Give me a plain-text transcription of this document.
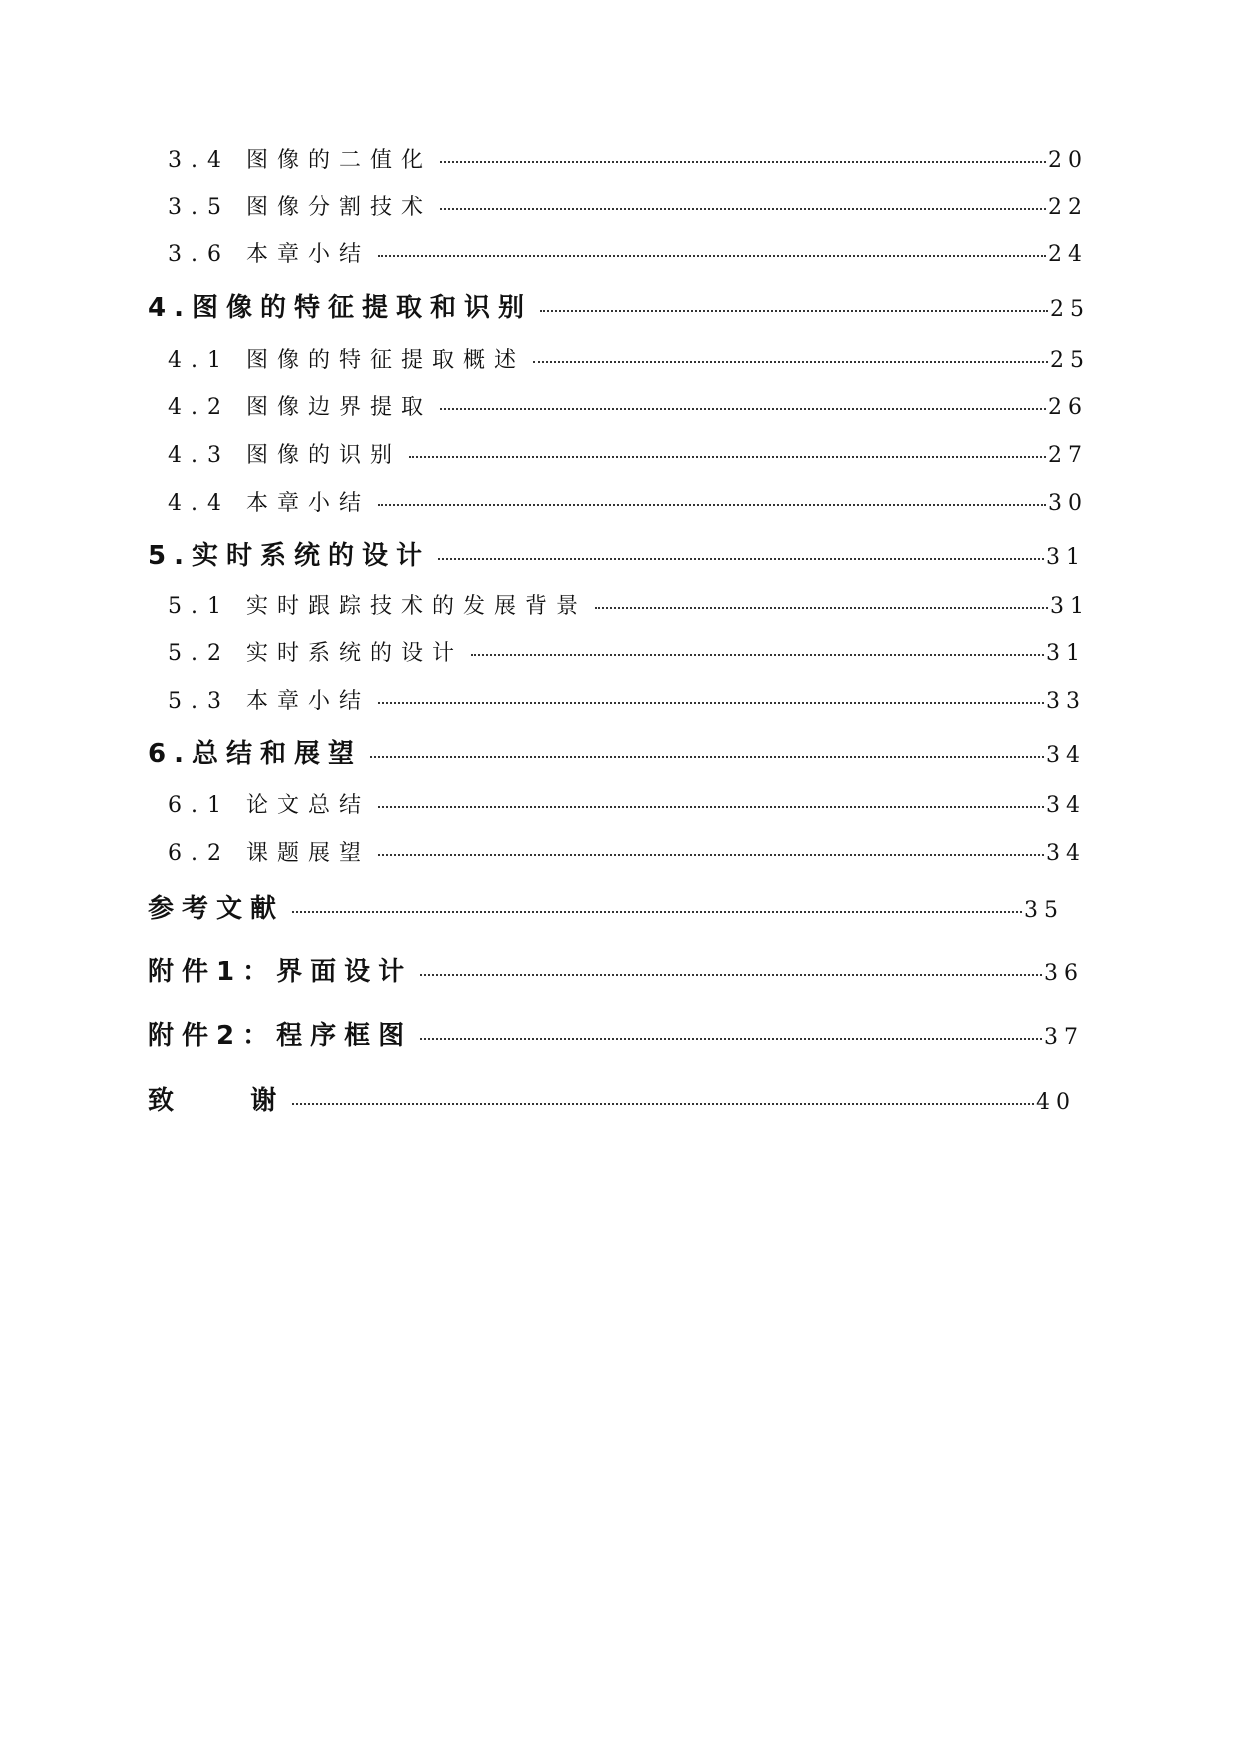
3.4 图像的二值化	20
3.5 图像分割技术	22
3.6 本章小结	24
4.图像的特征提取和识别	25
4.1 图像的特征提取概述	25
4.2 图像边界提取	26
4.3 图像的识别	27
4.4 本章小结	30
5.实时系统的设计	31
5.1 实时跟踪技术的发展背景	31
5.2 实时系统的设计	31
5.3 本章小结	33
6.总结和展望	34
6.1 论文总结	34
6.2 课题展望	34
参考文献	35
附件1：界面设计	36
附件2：程序框图	37
致    谢	40
